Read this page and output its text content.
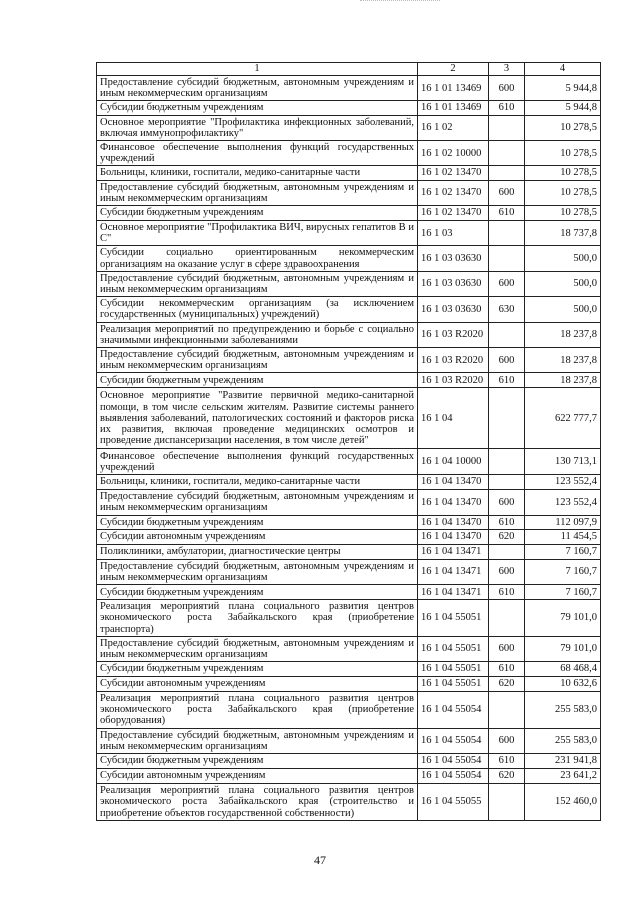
1	2	3	4
Предоставление субсидий бюджетным, автономным учреждениям и иным некоммерческим организациям	16 1 01 13469	600	5 944,8
Субсидии бюджетным учреждениям	16 1 01 13469	610	5 944,8
Основное мероприятие "Профилактика инфекционных заболеваний, включая иммунопрофилактику"	16 1 02		10 278,5
Финансовое обеспечение выполнения функций государственных учреждений	16 1 02 10000		10 278,5
Больницы, клиники, госпитали, медико-санитарные части	16 1 02 13470		10 278,5
Предоставление субсидий бюджетным, автономным учреждениям и иным некоммерческим организациям	16 1 02 13470	600	10 278,5
Субсидии бюджетным учреждениям	16 1 02 13470	610	10 278,5
Основное мероприятие "Профилактика ВИЧ, вирусных гепатитов В и С"	16 1 03		18 737,8
Субсидии социально ориентированным некоммерческим организациям на оказание услуг в сфере здравоохранения	16 1 03 03630		500,0
Предоставление субсидий бюджетным, автономным учреждениям и иным некоммерческим организациям	16 1 03 03630	600	500,0
Субсидии некоммерческим организациям (за исключением государственных (муниципальных) учреждений)	16 1 03 03630	630	500,0
Реализация мероприятий по предупреждению и борьбе с социально значимыми инфекционными заболеваниями	16 1 03 R2020		18 237,8
Предоставление субсидий бюджетным, автономным учреждениям и иным некоммерческим организациям	16 1 03 R2020	600	18 237,8
Субсидии бюджетным учреждениям	16 1 03 R2020	610	18 237,8
Основное мероприятие "Развитие первичной медико-санитарной помощи, в том числе сельским жителям. Развитие системы раннего выявления заболеваний, патологических состояний и факторов риска их развития, включая проведение медицинских осмотров и проведение диспансеризации населения, в том числе детей"	16 1 04		622 777,7
Финансовое обеспечение выполнения функций государственных учреждений	16 1 04 10000		130 713,1
Больницы, клиники, госпитали, медико-санитарные части	16 1 04 13470		123 552,4
Предоставление субсидий бюджетным, автономным учреждениям и иным некоммерческим организациям	16 1 04 13470	600	123 552,4
Субсидии бюджетным учреждениям	16 1 04 13470	610	112 097,9
Субсидии автономным учреждениям	16 1 04 13470	620	11 454,5
Поликлиники, амбулатории, диагностические центры	16 1 04 13471		7 160,7
Предоставление субсидий бюджетным, автономным учреждениям и иным некоммерческим организациям	16 1 04 13471	600	7 160,7
Субсидии бюджетным учреждениям	16 1 04 13471	610	7 160,7
Реализация мероприятий плана социального развития центров экономического роста Забайкальского края (приобретение транспорта)	16 1 04 55051		79 101,0
Предоставление субсидий бюджетным, автономным учреждениям и иным некоммерческим организациям	16 1 04 55051	600	79 101,0
Субсидии бюджетным учреждениям	16 1 04 55051	610	68 468,4
Субсидии автономным учреждениям	16 1 04 55051	620	10 632,6
Реализация мероприятий плана социального развития центров экономического роста Забайкальского края (приобретение оборудования)	16 1 04 55054		255 583,0
Предоставление субсидий бюджетным, автономным учреждениям и иным некоммерческим организациям	16 1 04 55054	600	255 583,0
Субсидии бюджетным учреждениям	16 1 04 55054	610	231 941,8
Субсидии автономным учреждениям	16 1 04 55054	620	23 641,2
Реализация мероприятий плана социального развития центров экономического роста Забайкальского края (строительство и приобретение объектов государственной собственности)	16 1 04 55055		152 460,0
47
